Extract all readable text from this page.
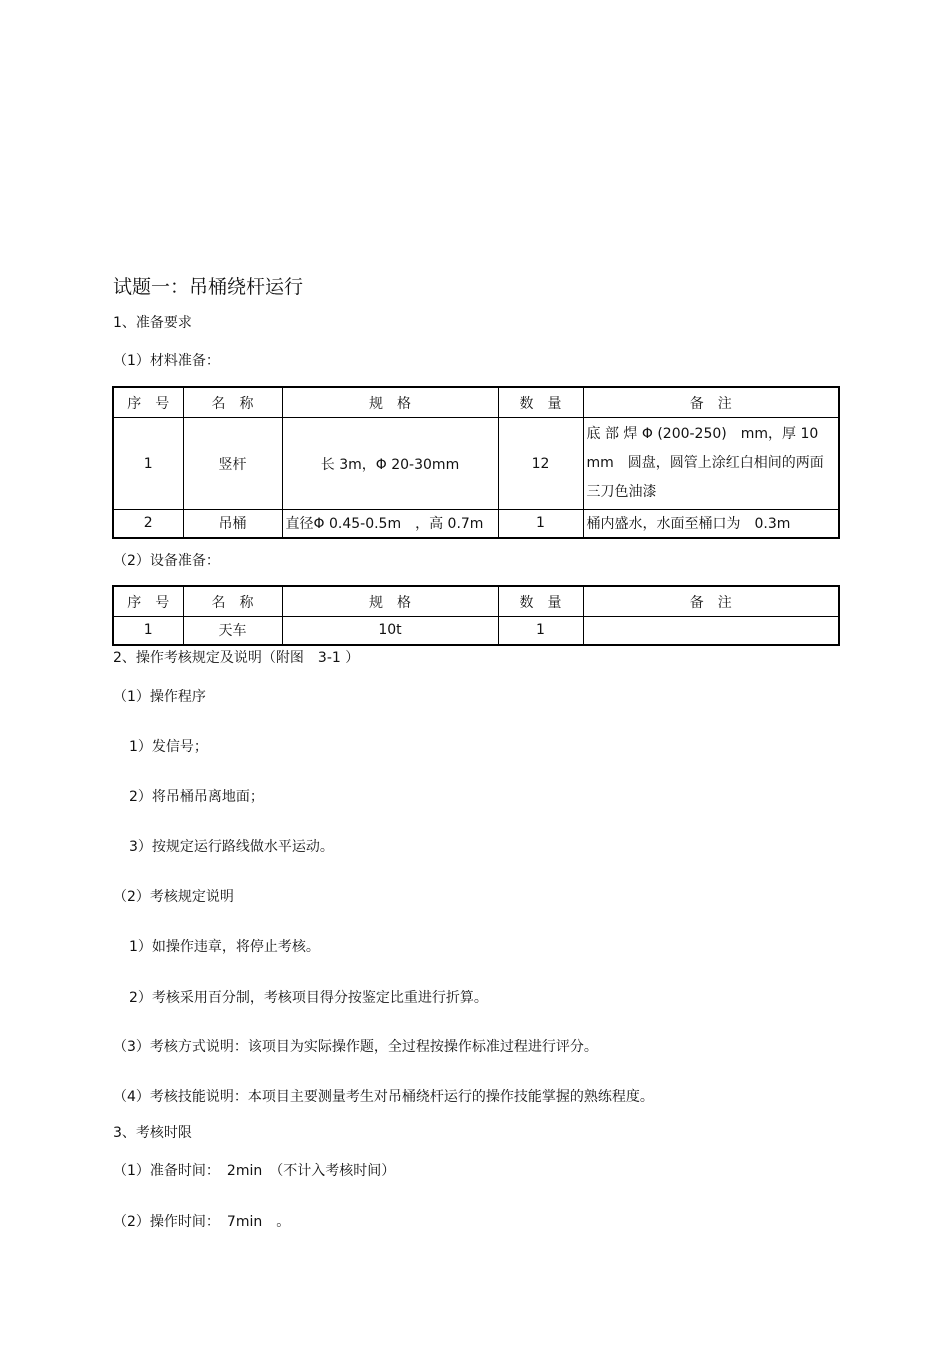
试题一：吊桶绕杆运行
1、准备要求
（1）材料准备：
序　号	名　称	规　格	数　量	备　注
1	竖杆	长 3m，Φ 20-30mm	12	底 部 焊 Φ (200-250)　mm，厚 10 mm　圆盘，圆管上涂红白相间的两面三刀色油漆
2	吊桶	直径Φ 0.45-0.5m　，高 0.7m	1	桶内盛水，水面至桶口为　0.3m
（2）设备准备：
序　号	名　称	规　格	数　量	备　注
1	天车	10t	1	
2、操作考核规定及说明（附图　3-1 ）
（1）操作程序
1）发信号；
2）将吊桶吊离地面；
3）按规定运行路线做水平运动。
（2）考核规定说明
1）如操作违章，将停止考核。
2）考核采用百分制，考核项目得分按鉴定比重进行折算。
（3）考核方式说明：该项目为实际操作题，全过程按操作标准过程进行评分。
（4）考核技能说明：本项目主要测量考生对吊桶绕杆运行的操作技能掌握的熟练程度。
3、考核时限
（1）准备时间：　2min　（不计入考核时间）
（2）操作时间：　7min　。
